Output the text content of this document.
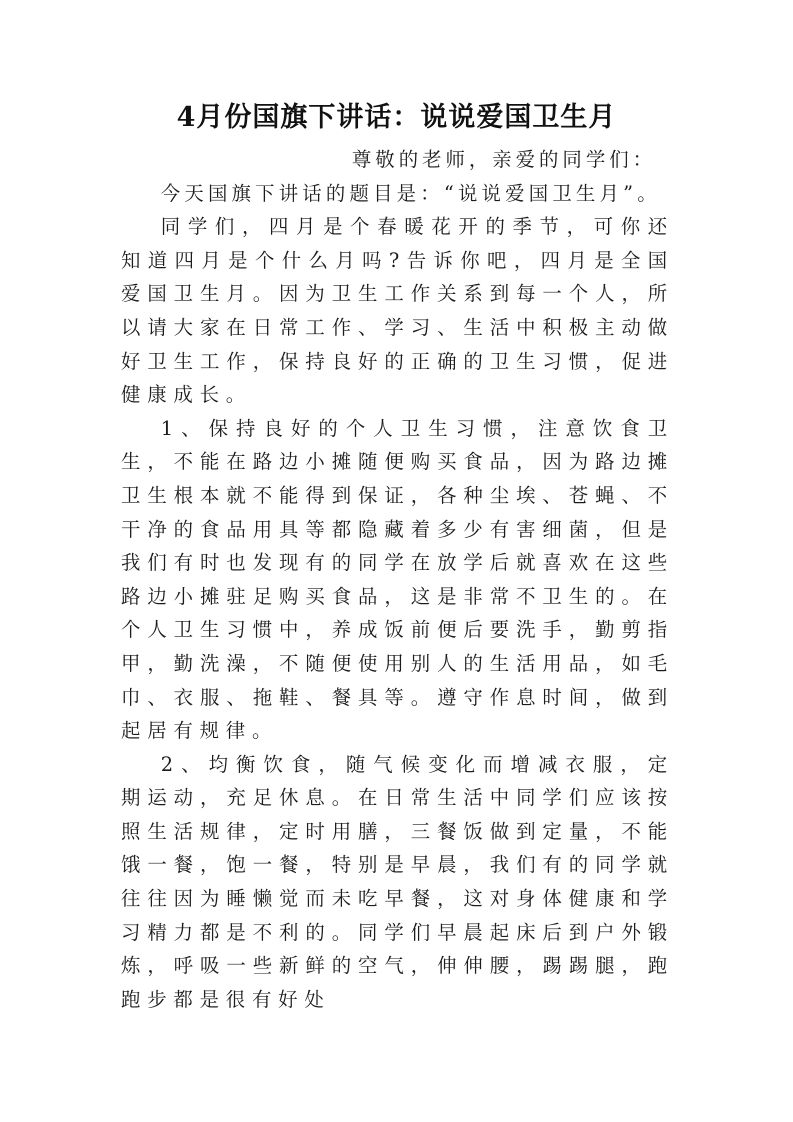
4月份国旗下讲话：说说爱国卫生月

尊敬的老师，亲爱的同学们：

今天国旗下讲话的题目是：“说说爱国卫生月”。

同学们，四月是个春暖花开的季节，可你还知道四月是个什么月吗?告诉你吧，四月是全国爱国卫生月。因为卫生工作关系到每一个人，所以请大家在日常工作、学习、生活中积极主动做好卫生工作，保持良好的正确的卫生习惯，促进健康成长。

1、保持良好的个人卫生习惯，注意饮食卫生，不能在路边小摊随便购买食品，因为路边摊卫生根本就不能得到保证，各种尘埃、苍蝇、不干净的食品用具等都隐藏着多少有害细菌，但是我们有时也发现有的同学在放学后就喜欢在这些路边小摊驻足购买食品，这是非常不卫生的。在个人卫生习惯中，养成饭前便后要洗手，勤剪指甲，勤洗澡，不随便使用别人的生活用品，如毛巾、衣服、拖鞋、餐具等。遵守作息时间，做到起居有规律。

2、均衡饮食，随气候变化而增减衣服，定期运动，充足休息。在日常生活中同学们应该按照生活规律，定时用膳，三餐饭做到定量，不能饿一餐，饱一餐，特别是早晨，我们有的同学就往往因为睡懒觉而未吃早餐，这对身体健康和学习精力都是不利的。同学们早晨起床后到户外锻炼，呼吸一些新鲜的空气，伸伸腰，踢踢腿，跑跑步都是很有好处
